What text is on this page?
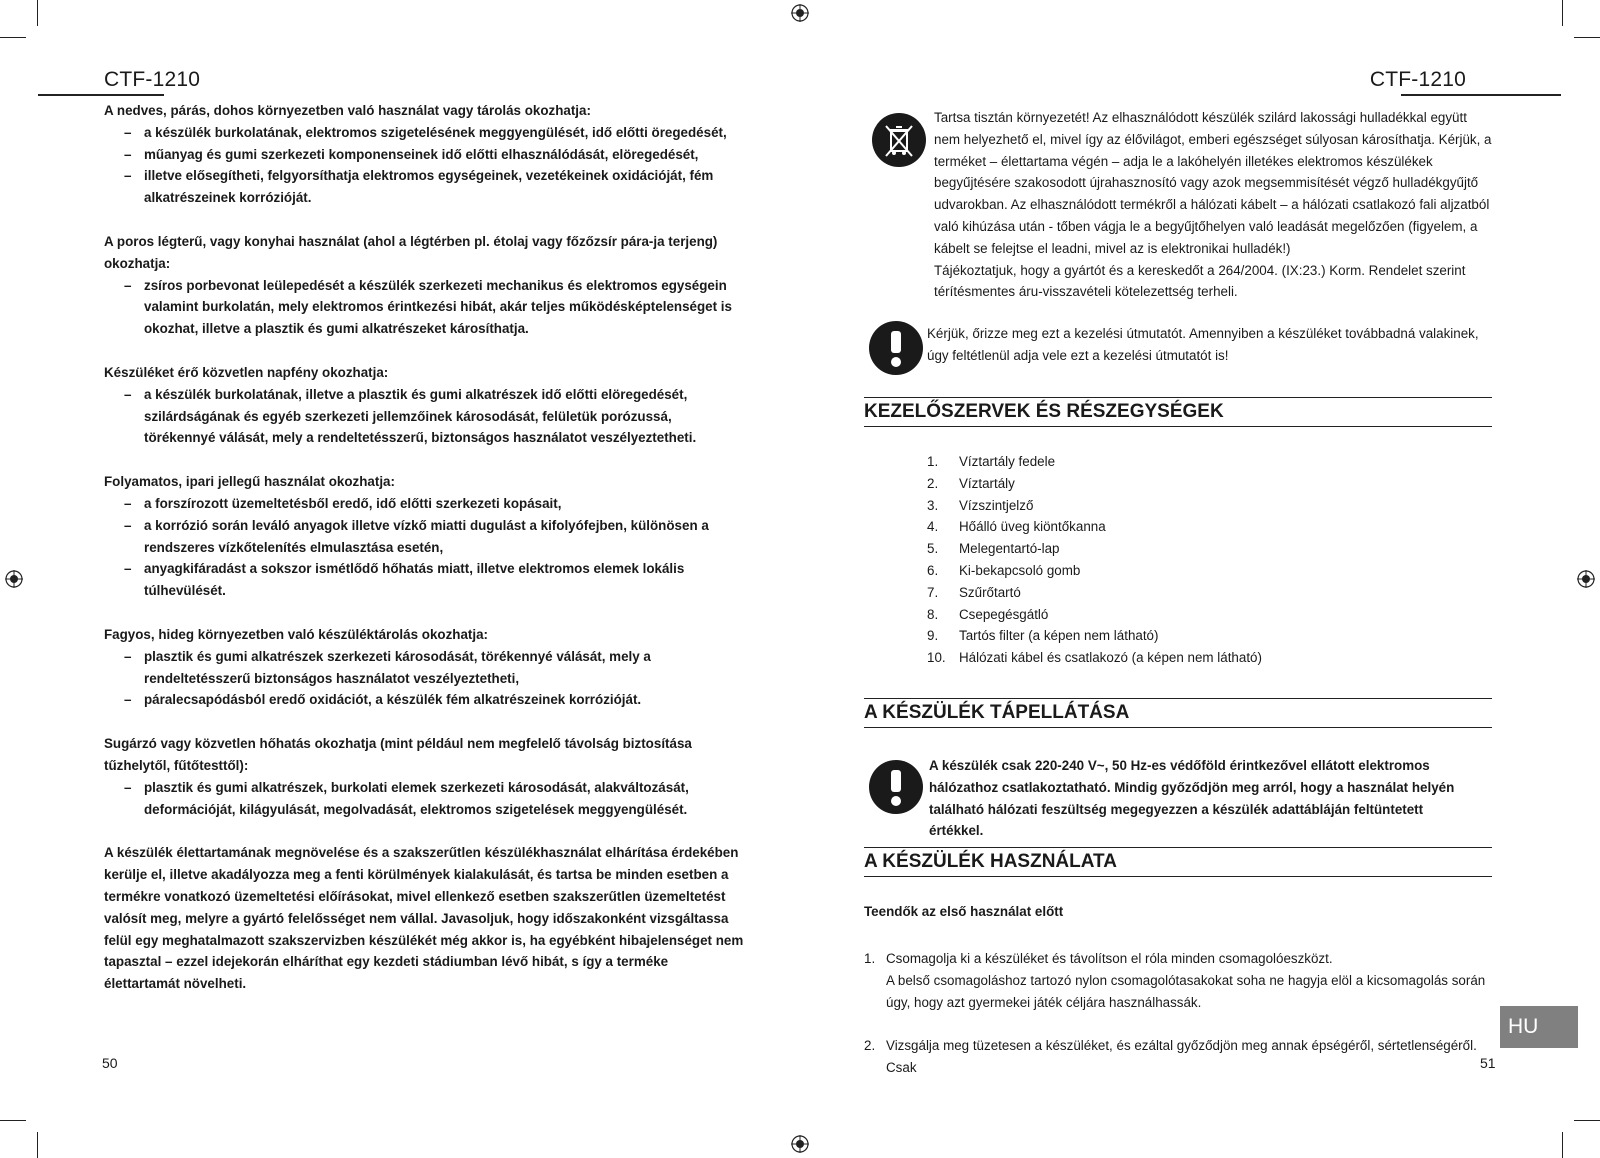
CTF-1210	CTF-1210

A nedves, párás, dohos környezetben való használat vagy tárolás okozhatja:

– a készülék burkolatának, elektromos szigetelésének meggyengülését, idő előtti öregedését,
– műanyag és gumi szerkezeti komponenseinek idő előtti elhasználódását, elöregedését,
– illetve elősegítheti, felgyorsíthatja elektromos egységeinek, vezetékeinek oxidációját, fém alkatrészeinek korrózióját.

A poros légterű, vagy konyhai használat (ahol a légtérben pl. étolaj vagy főzőzsír pára-ja terjeng) okozhatja:

– zsíros porbevonat leülepedését a készülék szerkezeti mechanikus és elektromos egységein valamint burkolatán, mely elektromos érintkezési hibát, akár teljes működésképtelenséget is okozhat, illetve a plasztik és gumi alkatrészeket károsíthatja.

Készüléket érő közvetlen napfény okozhatja:

– a készülék burkolatának, illetve a plasztik és gumi alkatrészek idő előtti elöregedését, szilárdságának és egyéb szerkezeti jellemzőinek károsodását, felületük porózussá, törékennyé válását, mely a rendeltetésszerű, biztonságos használatot veszélyeztetheti.

Folyamatos, ipari jellegű használat okozhatja:

– a forszírozott üzemeltetésből eredő, idő előtti szerkezeti kopásait,
– a korrózió során leváló anyagok illetve vízkő miatti dugulást a kifolyófejben, különösen a rendszeres vízkőtelenítés elmulasztása esetén,
– anyagkifáradást a sokszor ismétlődő hőhatás miatt, illetve elektromos elemek lokális túlhevülését.

Fagyos, hideg környezetben való készüléktárolás okozhatja:

– plasztik és gumi alkatrészek szerkezeti károsodását, törékennyé válását, mely a rendeltetésszerű biztonságos használatot veszélyeztetheti,
– páralecsapódásból eredő oxidációt, a készülék fém alkatrészeinek korrózióját.

Sugárzó vagy közvetlen hőhatás okozhatja (mint például nem megfelelő távolság biztosítása tűzhelytől, fűtőtesttől):

– plasztik és gumi alkatrészek, burkolati elemek szerkezeti károsodását, alakváltozását, deformációját, kilágyulását, megolvadását, elektromos szigetelések meggyengülését.

A készülék élettartamának megnövelése és a szakszerűtlen készülékhasználat elhárítása érdekében kerülje el, illetve akadályozza meg a fenti körülmények kialakulását, és tartsa be minden esetben a termékre vonatkozó üzemeltetési előírásokat, mivel ellenkező esetben szakszerűtlen üzemeltetést valósít meg, melyre a gyártó felelősséget nem vállal. Javasoljuk, hogy időszakonként vizsgáltassa felül egy meghatalmazott szakszervizben készülékét még akkor is, ha egyébként hibajelenséget nem tapasztal – ezzel idejekorán elháríthat egy kezdeti stádiumban lévő hibát, s így a terméke élettartamát növelheti.

50
Tartsa tisztán környezetét! Az elhasználódott készülék szilárd lakossági hulladékkal együtt nem helyezhető el, mivel így az élővilágot, emberi egészséget súlyosan károsíthatja. Kérjük, a terméket – élettartama végén – adja le a lakóhelyén illetékes elektromos készülékek begyűjtésére szakosodott újrahasznosító vagy azok megsemmisítését végző hulladékgyűjtő udvarokban. Az elhasználódott termékről a hálózati kábelt – a hálózati csatlakozó fali aljzatból való kihúzása után - tőben vágja le a begyűjtőhelyen való leadását megelőzően (figyelem, a kábelt se felejtse el leadni, mivel az is elektronikai hulladék!)
Tájékoztatjuk, hogy a gyártót és a kereskedőt a 264/2004. (IX:23.) Korm. Rendelet szerint térítésmentes áru-visszavételi kötelezettség terheli.
Kérjük, őrizze meg ezt a kezelési útmutatót. Amennyiben a készüléket továbbadná valakinek, úgy feltétlenül adja vele ezt a kezelési útmutatót is!
KEZELŐSZERVEK ÉS RÉSZEGYSÉGEK
1. Víztartály fedele
2. Víztartály
3. Vízszintjelző
4. Hőálló üveg kiöntőkanna
5. Melegentartó-lap
6. Ki-bekapcsoló gomb
7. Szűrőtartó
8. Csepegésgátló
9. Tartós filter (a képen nem látható)
10. Hálózati kábel és csatlakozó (a képen nem látható)
A KÉSZÜLÉK TÁPELLÁTÁSA
A készülék csak 220-240 V~, 50 Hz-es védőföld érintkezővel ellátott elektromos hálózathoz csatlakoztatható. Mindig győződjön meg arról, hogy a használat helyén található hálózati feszültség megegyezzen a készülék adattábláján feltüntetett értékkel.
A KÉSZÜLÉK HASZNÁLATA
Teendők az első használat előtt
1. Csomagolja ki a készüléket és távolítson el róla minden csomagolóeszközt.

A belső csomagoláshoz tartozó nylon csomagolótasakokat soha ne hagyja elöl a kicsomagolás során úgy, hogy azt gyermekei játék céljára használhassák.

2. Vizsgálja meg tüzetesen a készüléket, és ezáltal győződjön meg annak épségéről, sértetlenségéről. Csak

HU
51
